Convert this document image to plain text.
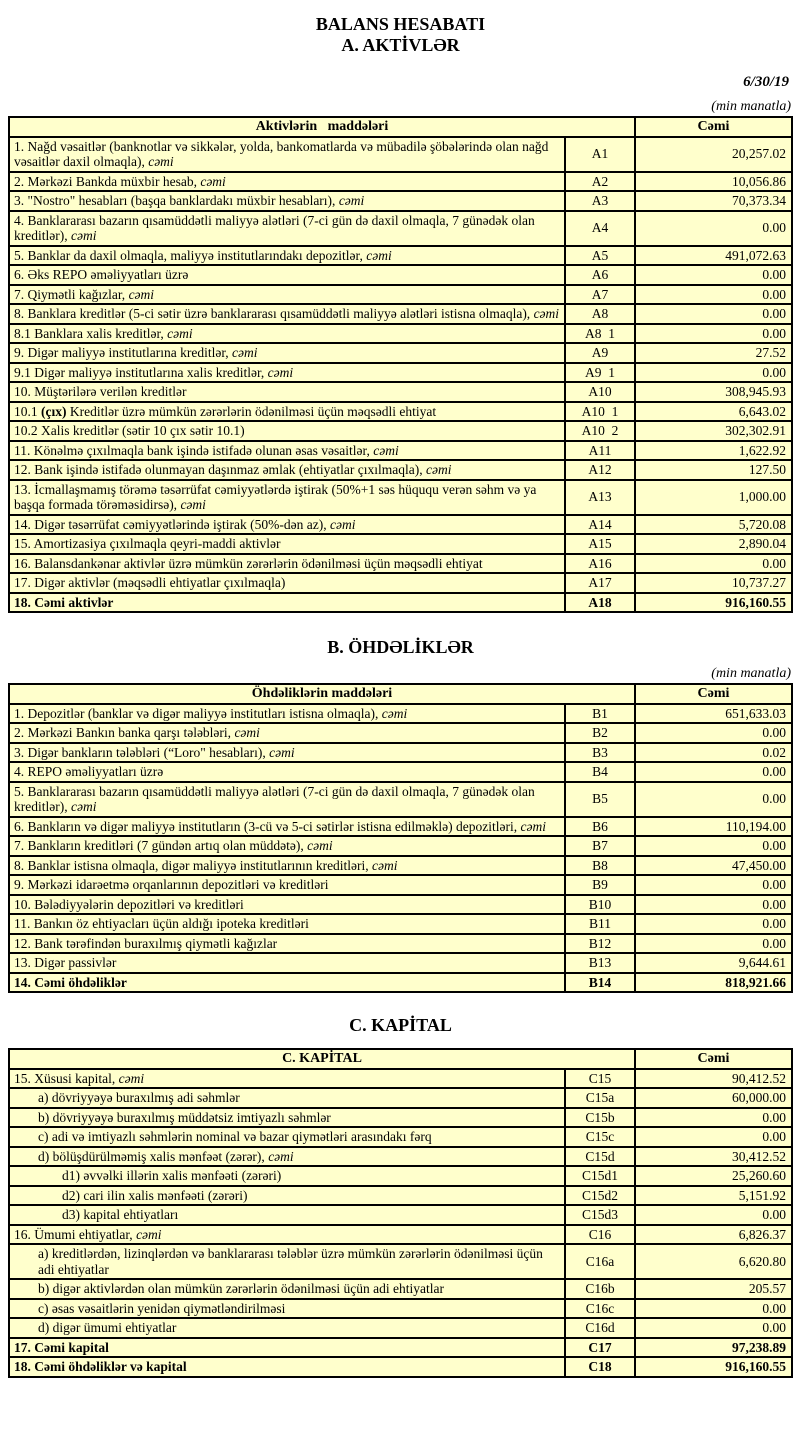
BALANS HESABATI
A. AKTİVLƏR
6/30/19
(min manatla)
Aktivlərin   maddələri		Cəmi
1. Nağd vəsaitlər (banknotlar və sikkələr, yolda, bankomatlarda və mübadilə şöbələrində olan nağd vəsaitlər daxil olmaqla), cəmi	A1	20,257.02
2. Mərkəzi Bankda müxbir hesab, cəmi	A2	10,056.86
3. "Nostro" hesabları (başqa banklardakı müxbir hesabları), cəmi	A3	70,373.34
4. Banklararası bazarın qısamüddətli maliyyə alətləri (7-ci gün də daxil olmaqla, 7 günədək olan kreditlər), cəmi	A4	0.00
5. Banklar da daxil olmaqla, maliyyə institutlarındakı depozitlər, cəmi	A5	491,072.63
6. Əks REPO əməliyyatları üzrə	A6	0.00
7. Qiymətli kağızlar, cəmi	A7	0.00
8. Banklara kreditlər (5-ci sətir üzrə banklararası qısamüddətli maliyyə alətləri istisna olmaqla), cəmi	A8	0.00
8.1 Banklara xalis kreditlər, cəmi	A8  1	0.00
9. Digər maliyyə institutlarına kreditlər, cəmi	A9	27.52
9.1 Digər maliyyə institutlarına xalis kreditlər, cəmi	A9  1	0.00
10. Müştərilərə verilən kreditlər	A10	308,945.93
10.1 (çıx) Kreditlər üzrə mümkün zərərlərin ödənilməsi üçün məqsədli ehtiyat	A10  1	6,643.02
10.2 Xalis kreditlər (sətir 10 çıx sətir 10.1)	A10  2	302,302.91
11. Könəlmə çıxılmaqla bank işində istifadə olunan əsas vəsaitlər, cəmi	A11	1,622.92
12. Bank işində istifadə olunmayan daşınmaz əmlak (ehtiyatlar çıxılmaqla), cəmi	A12	127.50
13. İcmallaşmamış törəmə təsərrüfat cəmiyyətlərdə iştirak (50%+1 səs hüququ verən səhm və ya başqa formada törəməsidirsə), cəmi	A13	1,000.00
14. Digər təsərrüfat cəmiyyətlərində iştirak (50%-dən az), cəmi	A14	5,720.08
15. Amortizasiya çıxılmaqla qeyri-maddi aktivlər	A15	2,890.04
16. Balansdankənar aktivlər üzrə mümkün zərərlərin ödənilməsi üçün məqsədli ehtiyat	A16	0.00
17. Digər aktivlər (məqsədli ehtiyatlar çıxılmaqla)	A17	10,737.27
18. Cəmi aktivlər	A18	916,160.55
B. ÖHDƏLİKLƏR
(min manatla)
Öhdəliklərin maddələri		Cəmi
1. Depozitlər (banklar və digər maliyyə institutları istisna olmaqla), cəmi	B1	651,633.03
2. Mərkəzi Bankın banka qarşı tələbləri, cəmi	B2	0.00
3. Digər bankların tələbləri (“Loro" hesabları), cəmi	B3	0.02
4. REPO əməliyyatları üzrə	B4	0.00
5. Banklararası bazarın qısamüddətli maliyyə alətləri (7-ci gün də daxil olmaqla, 7 günədək olan kreditlər), cəmi	B5	0.00
6. Bankların və digər maliyyə institutların (3-cü və 5-ci sətirlər istisna edilməklə) depozitləri, cəmi	B6	110,194.00
7. Bankların kreditləri (7 gündən artıq olan müddətə), cəmi	B7	0.00
8. Banklar istisna olmaqla, digər maliyyə institutlarının kreditləri, cəmi	B8	47,450.00
9. Mərkəzi idarəetmə orqanlarının depozitləri və kreditləri	B9	0.00
10. Bələdiyyələrin depozitləri və kreditləri	B10	0.00
11. Bankın öz ehtiyacları üçün aldığı ipoteka kreditləri	B11	0.00
12. Bank tərəfindən buraxılmış qiymətli kağızlar	B12	0.00
13. Digər passivlər	B13	9,644.61
14. Cəmi öhdəliklər	B14	818,921.66
C. KAPİTAL
C. KAPİTAL		Cəmi
15. Xüsusi kapital, cəmi	C15	90,412.52
a) dövriyyəyə buraxılmış adi səhmlər	C15a	60,000.00
b) dövriyyəyə buraxılmış müddətsiz imtiyazlı səhmlər	C15b	0.00
c) adi və imtiyazlı səhmlərin nominal və bazar qiymətləri arasındakı fərq	C15c	0.00
d) bölüşdürülməmiş xalis mənfəət (zərər), cəmi	C15d	30,412.52
d1) əvvəlki illərin xalis mənfəəti (zərəri)	C15d1	25,260.60
d2) cari ilin xalis mənfəəti (zərəri)	C15d2	5,151.92
d3) kapital ehtiyatları	C15d3	0.00
16. Ümumi ehtiyatlar, cəmi	C16	6,826.37
a) kreditlərdən, lizinqlərdən və banklararası tələblər üzrə mümkün zərərlərin ödənilməsi üçün adi ehtiyatlar	C16a	6,620.80
b) digər aktivlərdən olan mümkün zərərlərin ödənilməsi üçün adi ehtiyatlar	C16b	205.57
c) əsas vəsaitlərin yenidən qiymətləndirilməsi	C16c	0.00
d) digər ümumi ehtiyatlar	C16d	0.00
17. Cəmi kapital	C17	97,238.89
18. Cəmi öhdəliklər və kapital	C18	916,160.55
